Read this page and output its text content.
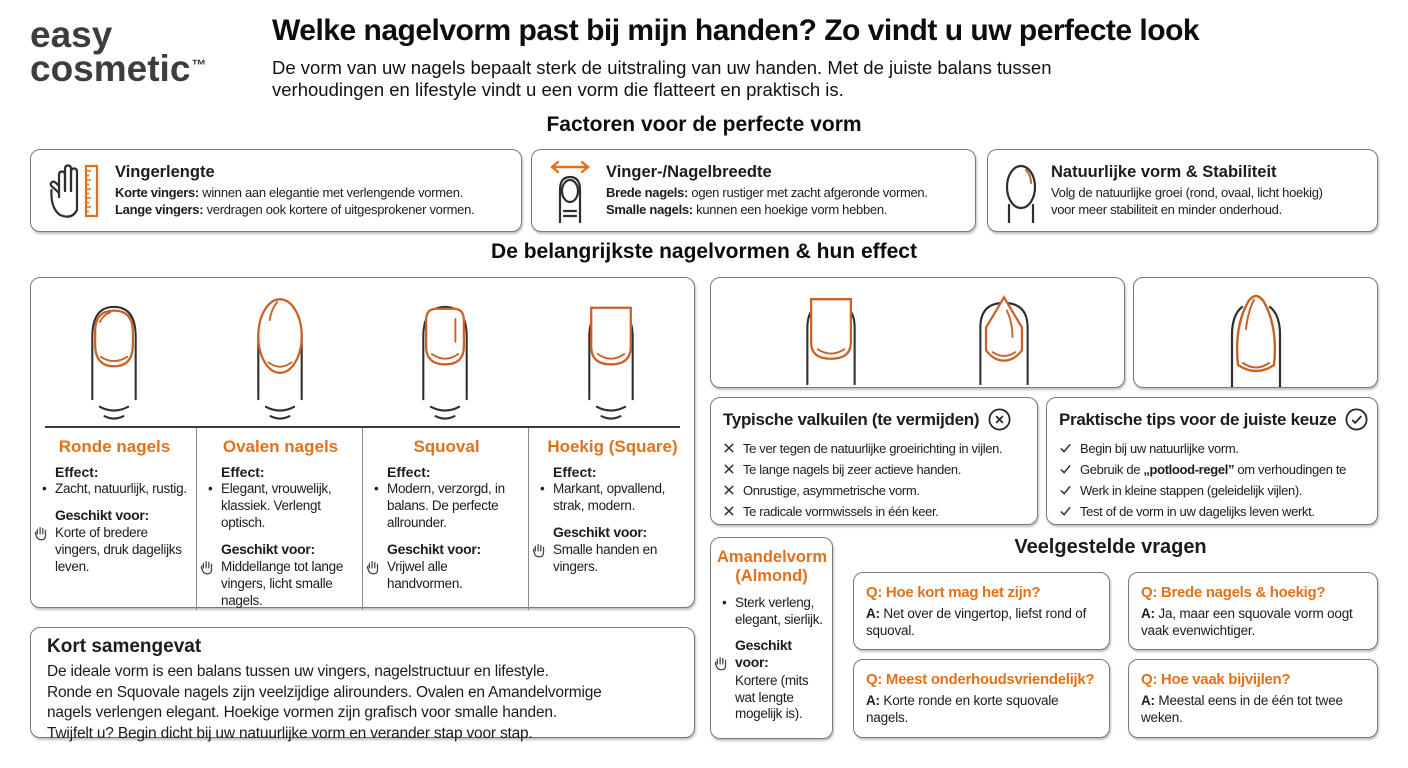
easy
cosmetic™
Welke nagelvorm past bij mijn handen? Zo vindt u uw perfecte look
De vorm van uw nagels bepaalt sterk de uitstraling van uw handen. Met de juiste balans tussen
verhoudingen en lifestyle vindt u een vorm die flatteert en praktisch is.
Factoren voor de perfecte vorm
Vingerlengte
Korte vingers: winnen aan elegantie met verlengende vormen.
Lange vingers: verdragen ook kortere of uitgesprokener vormen.
Vinger-/Nagelbreedte
Brede nagels: ogen rustiger met zacht afgeronde vormen.
Smalle nagels: kunnen een hoekige vorm hebben.
Natuurlijke vorm & Stabiliteit
Volg de natuurlijke groei (rond, ovaal, licht hoekig)
voor meer stabiliteit en minder onderhoud.
De belangrijkste nagelvormen & hun effect
Ronde nagels
Effect:
• Zacht, natuurlijk, rustig.
Geschikt voor:
Korte of bredere vingers, druk dagelijks leven.
Ovalen nagels
Effect:
• Elegant, vrouwelijk, klassiek. Verlengt optisch.
Geschikt voor:
Middellange tot lange vingers, licht smalle nagels.
Squoval
Effect:
• Modern, verzorgd, in balans. De perfecte allrounder.
Geschikt voor:
Vrijwel alle handvormen.
Hoekig (Square)
Effect:
• Markant, opvallend, strak, modern.
Geschikt voor:
Smalle handen en vingers.
Typische valkuilen (te vermijden)
Te ver tegen de natuurlijke groeirichting in vijlen.
Te lange nagels bij zeer actieve handen.
Onrustige, asymmetrische vorm.
Te radicale vormwissels in één keer.
Praktische tips voor de juiste keuze
Begin bij uw natuurlijke vorm.
Gebruik de „potlood-regel” om verhoudingen te
Werk in kleine stappen (geleidelijk vijlen).
Test of de vorm in uw dagelijks leven werkt.
Kort samengevat
De ideale vorm is een balans tussen uw vingers, nagelstructuur en lifestyle.
Ronde en Squovale nagels zijn veelzijdige alirounders. Ovalen en Amandelvormige
nagels verlengen elegant. Hoekige vormen zijn grafisch voor smalle handen.
Twijfelt u? Begin dicht bij uw natuurlijke vorm en verander stap voor stap.
Amandelvorm
(Almond)
• Sterk verleng, elegant, sierlijk.
Geschikt voor:
Kortere (mits wat lengte mogelijk is).
Veelgestelde vragen
Q: Hoe kort mag het zijn?
A: Net over de vingertop, liefst rond of squoval.
Q: Brede nagels & hoekig?
A: Ja, maar een squovale vorm oogt vaak evenwichtiger.
Q: Meest onderhoudsvriendelijk?
A: Korte ronde en korte squovale nagels.
Q: Hoe vaak bijvijlen?
A: Meestal eens in de één tot twee weken.
